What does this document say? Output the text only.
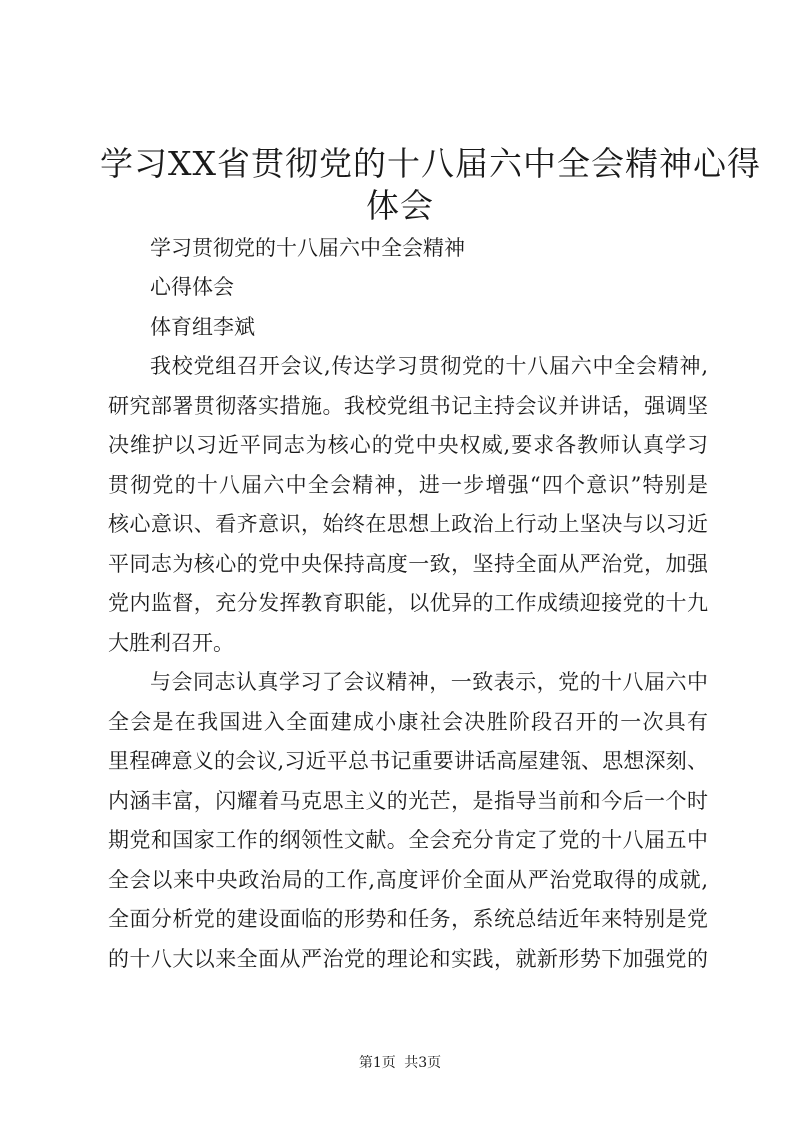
学习XX省贯彻党的十八届六中全会精神心得
体会
学习贯彻党的十八届六中全会精神
心得体会
体育组李斌
我校党组召开会议,传达学习贯彻党的十八届六中全会精神,
研究部署贯彻落实措施。我校党组书记主持会议并讲话，强调坚
决维护以习近平同志为核心的党中央权威,要求各教师认真学习
贯彻党的十八届六中全会精神，进一步增强“四个意识”特别是
核心意识、看齐意识，始终在思想上政治上行动上坚决与以习近
平同志为核心的党中央保持高度一致，坚持全面从严治党，加强
党内监督，充分发挥教育职能，以优异的工作成绩迎接党的十九
大胜利召开。
与会同志认真学习了会议精神，一致表示，党的十八届六中
全会是在我国进入全面建成小康社会决胜阶段召开的一次具有
里程碑意义的会议,习近平总书记重要讲话高屋建瓴、思想深刻、
内涵丰富，闪耀着马克思主义的光芒，是指导当前和今后一个时
期党和国家工作的纲领性文献。全会充分肯定了党的十八届五中
全会以来中央政治局的工作,高度评价全面从严治党取得的成就,
全面分析党的建设面临的形势和任务，系统总结近年来特别是党
的十八大以来全面从严治党的理论和实践，就新形势下加强党的
第1页 共3页
